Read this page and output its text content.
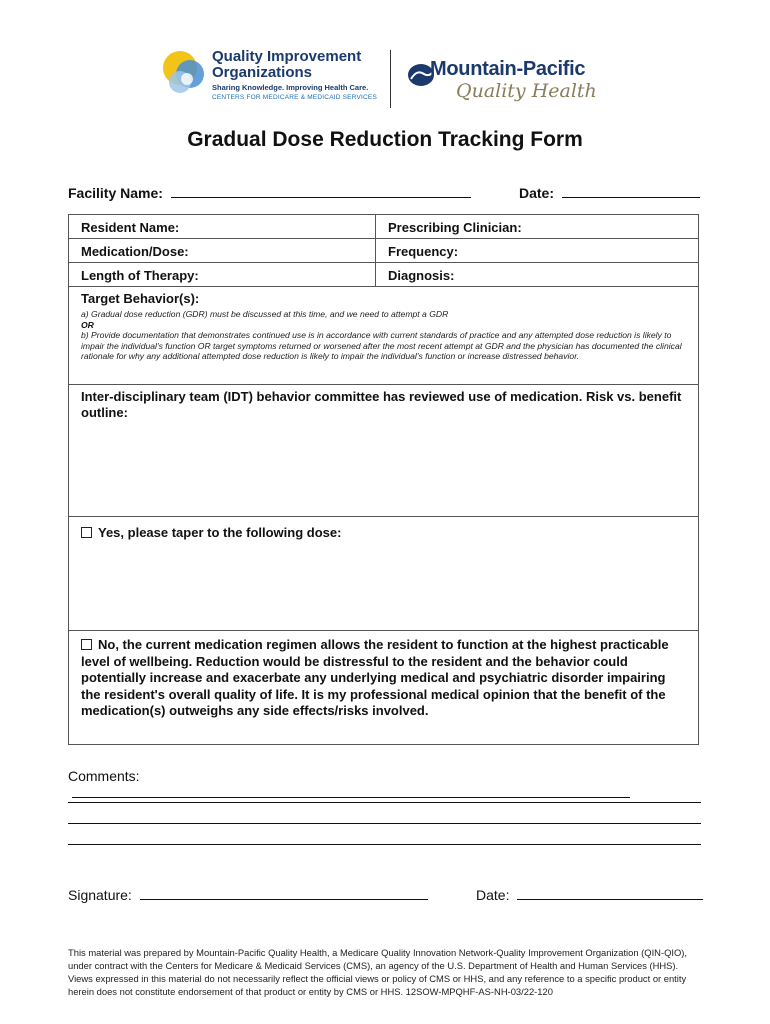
Quality Improvement
Organizations
Sharing Knowledge. Improving Health Care.
CENTERS FOR MEDICARE & MEDICAID SERVICES
Mountain-Pacific
Quality Health
Gradual Dose Reduction Tracking Form
Facility Name:	Date:
Resident Name:	Prescribing Clinician:
Medication/Dose:	Frequency:
Length of Therapy:	Diagnosis:
Target Behavior(s):
a) Gradual dose reduction (GDR) must be discussed at this time, and we need to attempt a GDR
OR
b) Provide documentation that demonstrates continued use is in accordance with current standards of practice and any attempted dose reduction is likely to impair the individual's function OR target symptoms returned or worsened after the most recent attempt at GDR and the physician has documented the clinical rationale for why any additional attempted dose reduction is likely to impair the individual's function or increase distressed behavior.
Inter-disciplinary team (IDT) behavior committee has reviewed use of medication. Risk vs. benefit outline:
Yes, please taper to the following dose:
No, the current medication regimen allows the resident to function at the highest practicable level of wellbeing. Reduction would be distressful to the resident and the behavior could potentially increase and exacerbate any underlying medical and psychiatric disorder impairing the resident's overall quality of life. It is my professional medical opinion that the benefit of the medication(s) outweighs any side effects/risks involved.
Comments:
Signature:	Date:
This material was prepared by Mountain-Pacific Quality Health, a Medicare Quality Innovation Network-Quality Improvement Organization (QIN-QIO), under contract with the Centers for Medicare & Medicaid Services (CMS), an agency of the U.S. Department of Health and Human Services (HHS). Views expressed in this material do not necessarily reflect the official views or policy of CMS or HHS, and any reference to a specific product or entity herein does not constitute endorsement of that product or entity by CMS or HHS. 12SOW-MPQHF-AS-NH-03/22-120
